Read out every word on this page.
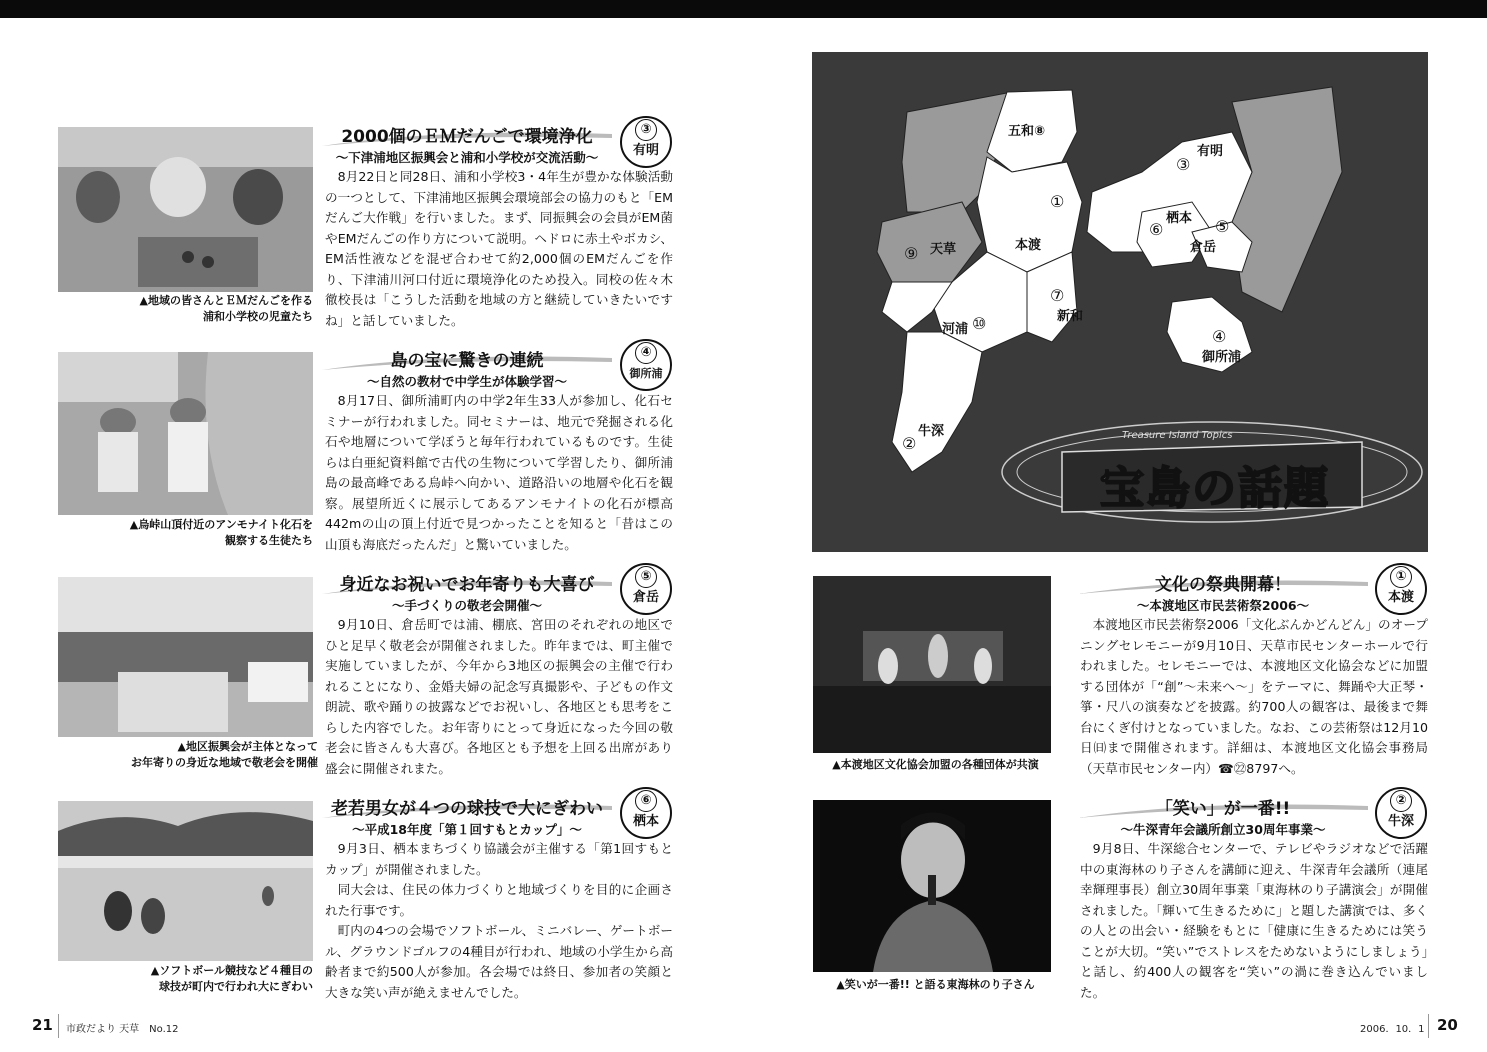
▲地域の皆さんとＥＭだんごを作る
浦和小学校の児童たち
2000個のＥＭだんごで環境浄化
～下津浦地区振興会と浦和小学校が交流活動～
③
有明

8月22日と同28日、浦和小学校3・4年生が豊かな体験活動の一つとして、下津浦地区振興会環境部会の協力のもと「EMだんご大作戦」を行いました。まず、同振興会の会員がEM菌やEMだんごの作り方について説明。ヘドロに赤土やボカシ、EM活性液などを混ぜ合わせて約2,000個のEMだんごを作り、下津浦川河口付近に環境浄化のため投入。同校の佐々木徹校長は「こうした活動を地域の方と継続していきたいですね」と話していました。

▲烏峠山頂付近のアンモナイト化石を
観察する生徒たち
島の宝に驚きの連続
～自然の教材で中学生が体験学習～
④
御所浦

8月17日、御所浦町内の中学2年生33人が参加し、化石セミナーが行われました。同セミナーは、地元で発掘される化石や地層について学ぼうと毎年行われているものです。生徒らは白亜紀資料館で古代の生物について学習したり、御所浦島の最高峰である烏峠へ向かい、道路沿いの地層や化石を観察。展望所近くに展示してあるアンモナイトの化石が標高442mの山の頂上付近で見つかったことを知ると「昔はこの山頂も海底だったんだ」と驚いていました。

▲地区振興会が主体となって
お年寄りの身近な地域で敬老会を開催
身近なお祝いでお年寄りも大喜び
～手づくりの敬老会開催～
⑤
倉岳

9月10日、倉岳町では浦、棚底、宮田のそれぞれの地区でひと足早く敬老会が開催されました。昨年までは、町主催で実施していましたが、今年から3地区の振興会の主催で行われることになり、金婚夫婦の記念写真撮影や、子どもの作文朗読、歌や踊りの披露などでお祝いし、各地区とも思考をこらした内容でした。お年寄りにとって身近になった今回の敬老会に皆さんも大喜び。各地区とも予想を上回る出席があり盛会に開催されまた。

▲ソフトボール競技など４種目の
球技が町内で行われ大にぎわい
老若男女が４つの球技で大にぎわい
～平成18年度「第１回すもとカップ」～
⑥
栖本

9月3日、栖本まちづくり協議会が主催する「第1回すもとカップ」が開催されました。

同大会は、住民の体力づくりと地域づくりを目的に企画された行事です。

町内の4つの会場でソフトボール、ミニバレー、ゲートボール、グラウンドゴルフの4種目が行われ、地域の小学生から高齢者まで約500人が参加。各会場では終日、参加者の笑顔と大きな笑い声が絶えませんでした。

五和⑧
①
本渡
③
有明
栖本
⑥	⑤
倉岳
⑨ 天草
⑦
新和
河浦 ⑩
④
御所浦
牛深
②	Treasure Island Topics
宝島の話題
▲本渡地区文化協会加盟の各種団体が共演
文化の祭典開幕！
～本渡地区市民芸術祭2006～
①
本渡

本渡地区市民芸術祭2006「文化ぶんかどんどん」のオープニングセレモニーが9月10日、天草市民センターホールで行われました。セレモニーでは、本渡地区文化協会などに加盟する団体が「“創”～未来へ～」をテーマに、舞踊や大正琴・箏・尺八の演奏などを披露。約700人の観客は、最後まで舞台にくぎ付けとなっていました。なお、この芸術祭は12月10日㈰まで開催されます。詳細は、本渡地区文化協会事務局（天草市民センター内）☎㉒8797へ。

▲笑いが一番!! と語る東海林のり子さん
「笑い」が一番!!
～牛深青年会議所創立30周年事業～
②
牛深

9月8日、牛深総合センターで、テレビやラジオなどで活躍中の東海林のり子さんを講師に迎え、牛深青年会議所（連尾幸輝理事長）創立30周年事業「東海林のり子講演会」が開催されました。「輝いて生きるために」と題した講演では、多くの人との出会い・経験をもとに「健康に生きるためには笑うことが大切。“笑い”でストレスをためないようにしましょう」と話し、約400人の観客を“笑い”の渦に巻き込んでいました。

21 市政だより 天草　No.12	2006．10．1 20
